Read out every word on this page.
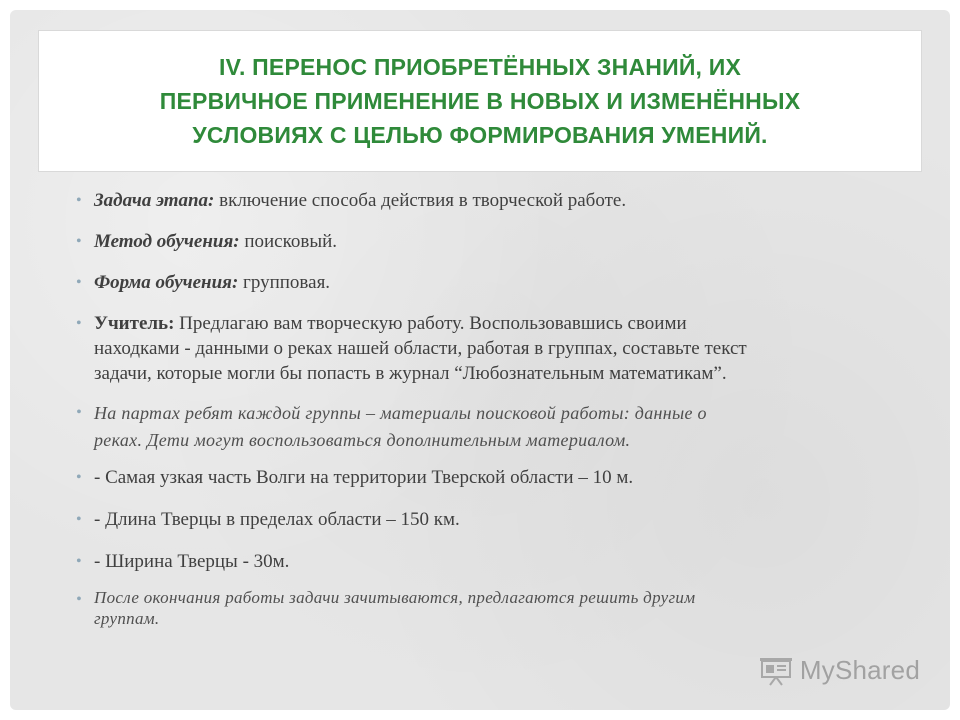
IV. ПЕРЕНОС ПРИОБРЕТЁННЫХ ЗНАНИЙ, ИХ
ПЕРВИЧНОЕ ПРИМЕНЕНИЕ В НОВЫХ И ИЗМЕНЁННЫХ
УСЛОВИЯХ С ЦЕЛЬЮ ФОРМИРОВАНИЯ УМЕНИЙ.
• Задача этапа: включение способа действия в творческой работе.
• Метод обучения: поисковый.
• Форма обучения: групповая.
• Учитель: Предлагаю вам творческую работу. Воспользовавшись своими
находками - данными о реках нашей области, работая в группах, составьте текст
задачи, которые могли бы попасть в журнал “Любознательным математикам”.
• На партах ребят каждой группы – материалы поисковой работы: данные о
реках. Дети могут воспользоваться дополнительным материалом.
• - Самая узкая часть Волги на территории Тверской области – 10 м.
• - Длина Тверцы в пределах области – 150 км.
• - Ширина Тверцы - 30м.
• После окончания работы задачи зачитываются, предлагаются решить другим
группам.
MyShared
